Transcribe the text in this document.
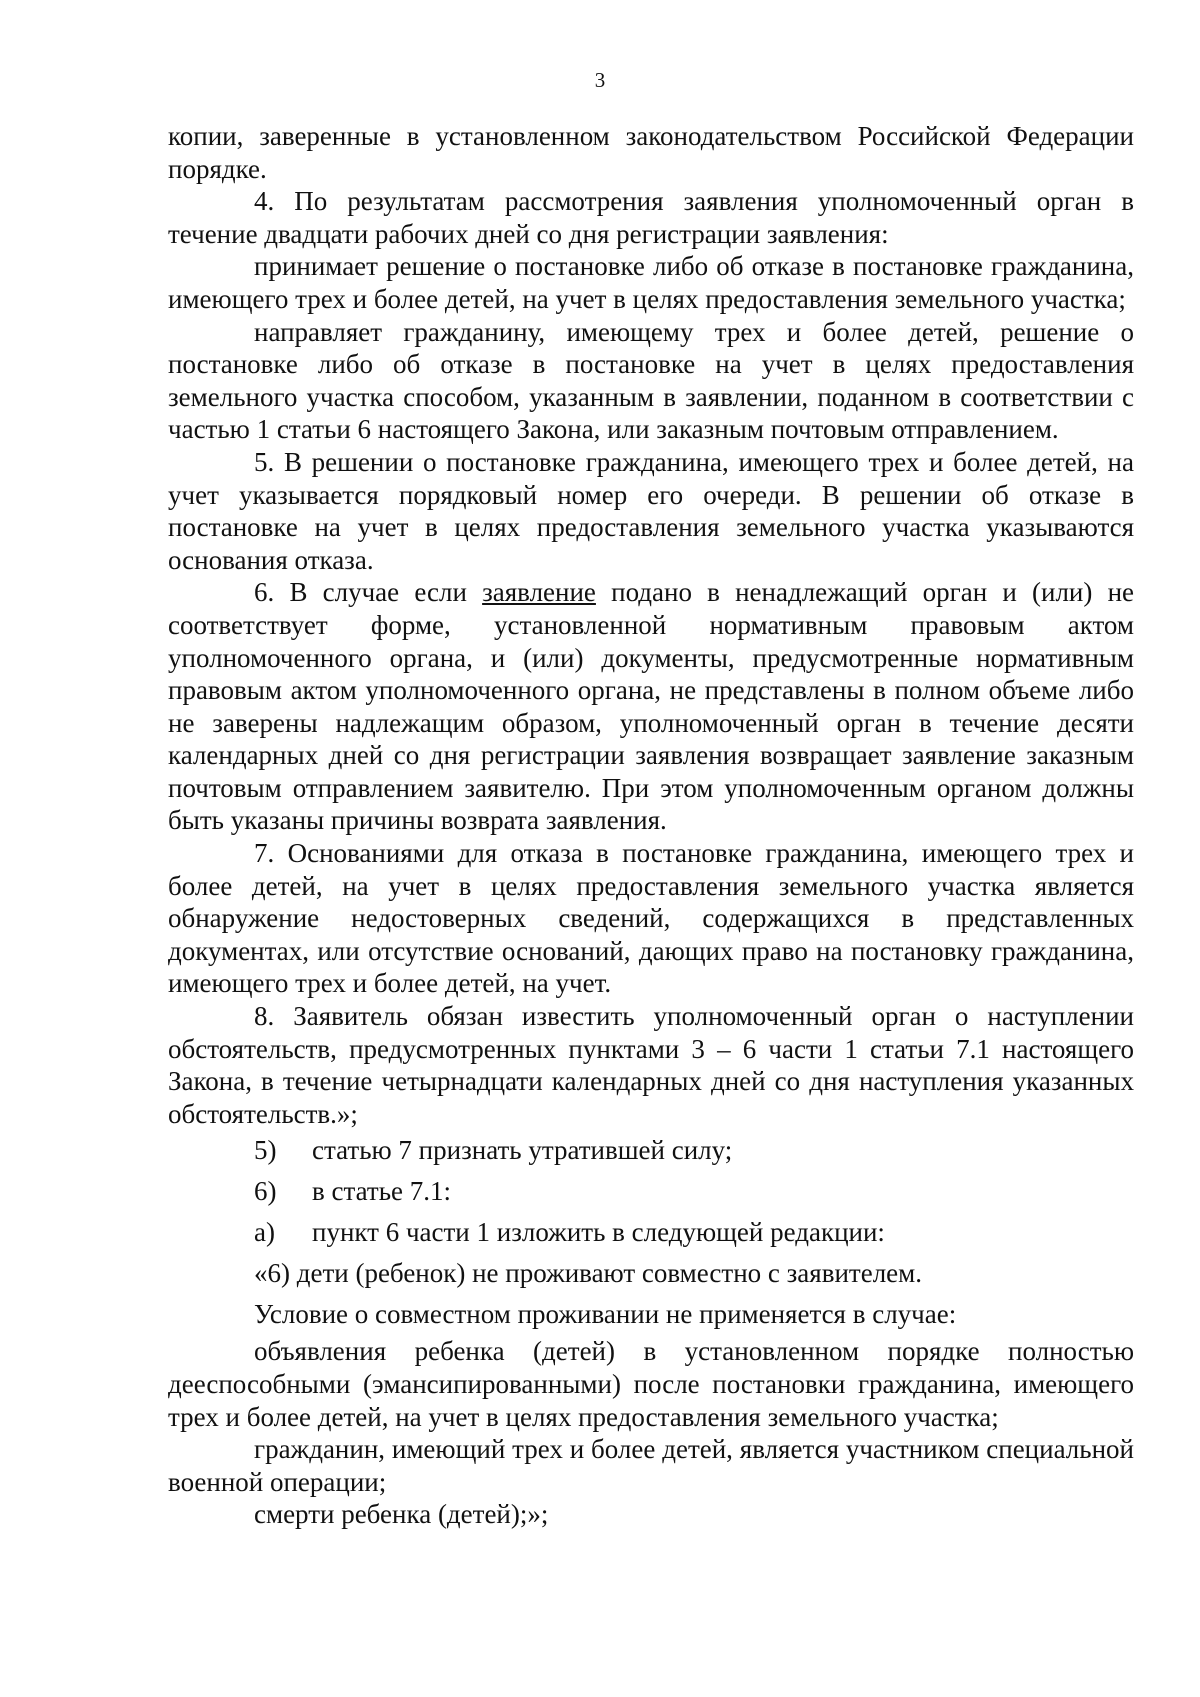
3

копии, заверенные в установленном законодательством Российской Федерации порядке.

4. По результатам рассмотрения заявления уполномоченный орган в течение двадцати рабочих дней со дня регистрации заявления:

принимает решение о постановке либо об отказе в постановке гражданина, имеющего трех и более детей, на учет в целях предоставления земельного участка;

направляет гражданину, имеющему трех и более детей, решение о постановке либо об отказе в постановке на учет в целях предоставления земельного участка способом, указанным в заявлении, поданном в соответствии с частью 1 статьи 6 настоящего Закона, или заказным почтовым отправлением.

5. В решении о постановке гражданина, имеющего трех и более детей, на учет указывается порядковый номер его очереди. В решении об отказе в постановке на учет в целях предоставления земельного участка указываются основания отказа.

6. В случае если заявление подано в ненадлежащий орган и (или) не соответствует форме, установленной нормативным правовым актом уполномоченного органа, и (или) документы, предусмотренные нормативным правовым актом уполномоченного органа, не представлены в полном объеме либо не заверены надлежащим образом, уполномоченный орган в течение десяти календарных дней со дня регистрации заявления возвращает заявление заказным почтовым отправлением заявителю. При этом уполномоченным органом должны быть указаны причины возврата заявления.

7. Основаниями для отказа в постановке гражданина, имеющего трех и более детей, на учет в целях предоставления земельного участка является обнаружение недостоверных сведений, содержащихся в представленных документах, или отсутствие оснований, дающих право на постановку гражданина, имеющего трех и более детей, на учет.

8. Заявитель обязан известить уполномоченный орган о наступлении обстоятельств, предусмотренных пунктами 3 – 6 части 1 статьи 7.1 настоящего Закона, в течение четырнадцати календарных дней со дня наступления указанных обстоятельств.»;

5) статью 7 признать утратившей силу;

6) в статье 7.1:

а) пункт 6 части 1 изложить в следующей редакции:

«6) дети (ребенок) не проживают совместно с заявителем.

Условие о совместном проживании не применяется в случае:

объявления ребенка (детей) в установленном порядке полностью дееспособными (эмансипированными) после постановки гражданина, имеющего трех и более детей, на учет в целях предоставления земельного участка;

гражданин, имеющий трех и более детей, является участником специальной военной операции;

смерти ребенка (детей);»;
